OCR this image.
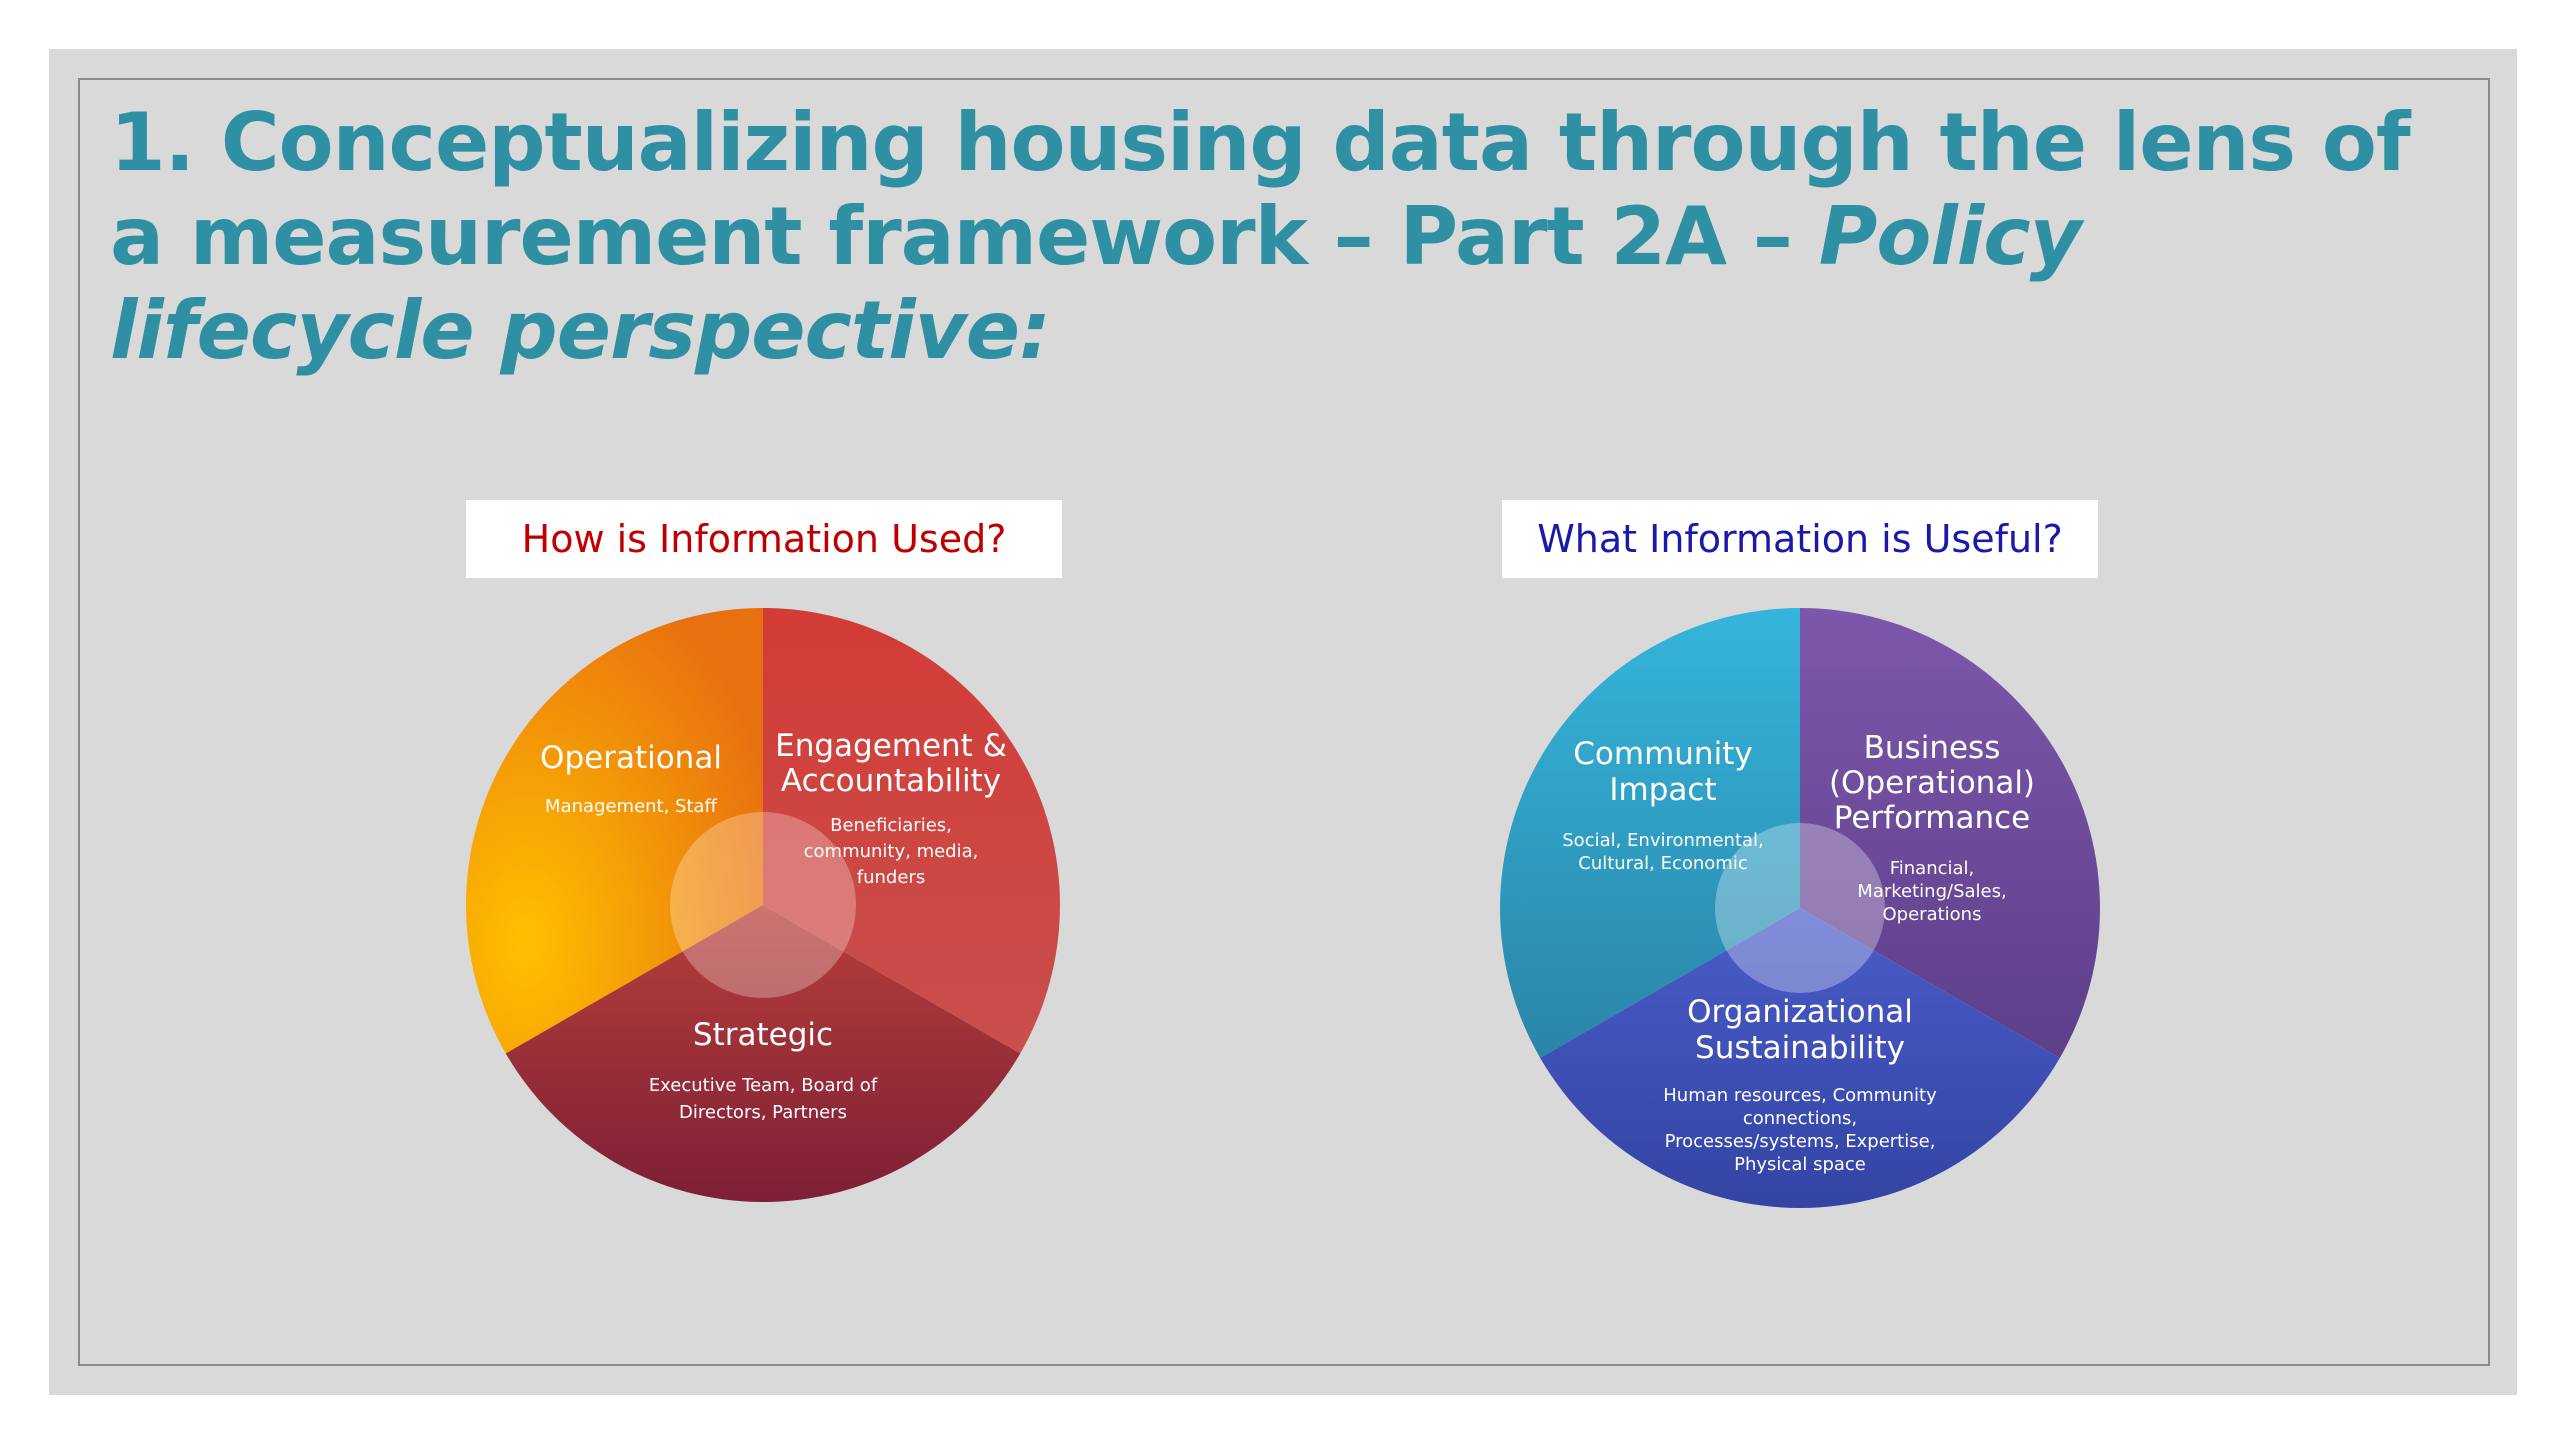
1. Conceptualizing housing data through the lens of
a measurement framework – Part 2A – Policy
lifecycle perspective:
How is Information Used?	What Information is Useful?
Operational
Management, Staff
Engagement &
Accountability
Beneficiaries,
community, media,
funders
Strategic
Executive Team, Board of
Directors, Partners
Community
Impact
Social, Environmental,
Cultural, Economic
Business
(Operational)
Performance
Financial,
Marketing/Sales,
Operations
Organizational
Sustainability
Human resources, Community
connections,
Processes/systems, Expertise,
Physical space
